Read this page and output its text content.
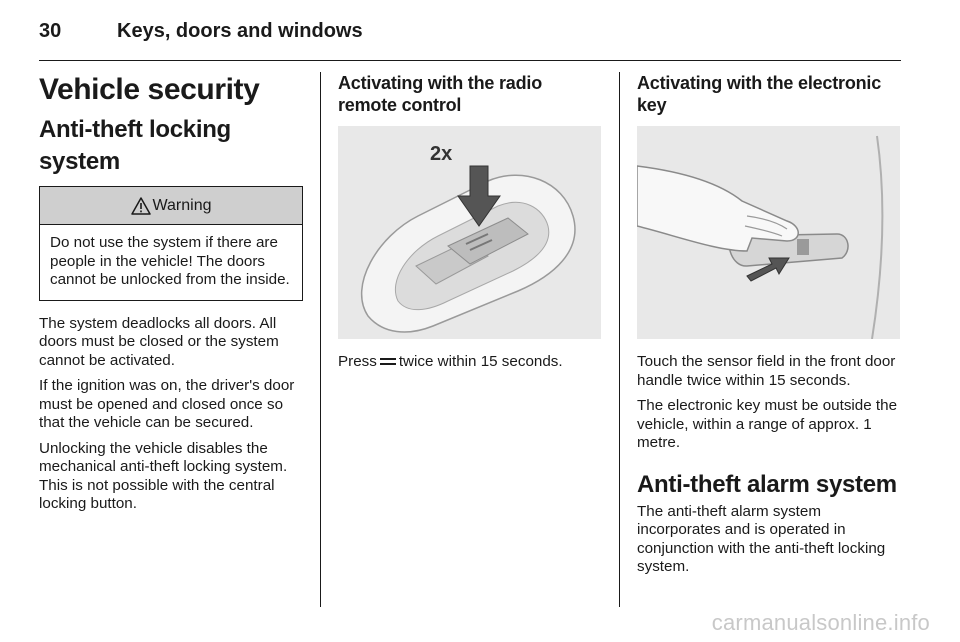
30	Keys, doors and windows
Vehicle security
Anti-theft locking system
Warning

Do not use the system if there are people in the vehicle! The doors cannot be unlocked from the inside.

The system deadlocks all doors. All doors must be closed or the system cannot be activated.

If the ignition was on, the driver's door must be opened and closed once so that the vehicle can be secured.

Unlocking the vehicle disables the mechanical anti-theft locking system. This is not possible with the central locking button.

Activating with the radio remote control
2x

Press twice within 15 seconds.

Activating with the electronic key

Touch the sensor field in the front door handle twice within 15 seconds.

The electronic key must be outside the vehicle, within a range of approx. 1 metre.

Anti-theft alarm system
The anti-theft alarm system incorporates and is operated in conjunction with the anti-theft locking system.
carmanualsonline.info
